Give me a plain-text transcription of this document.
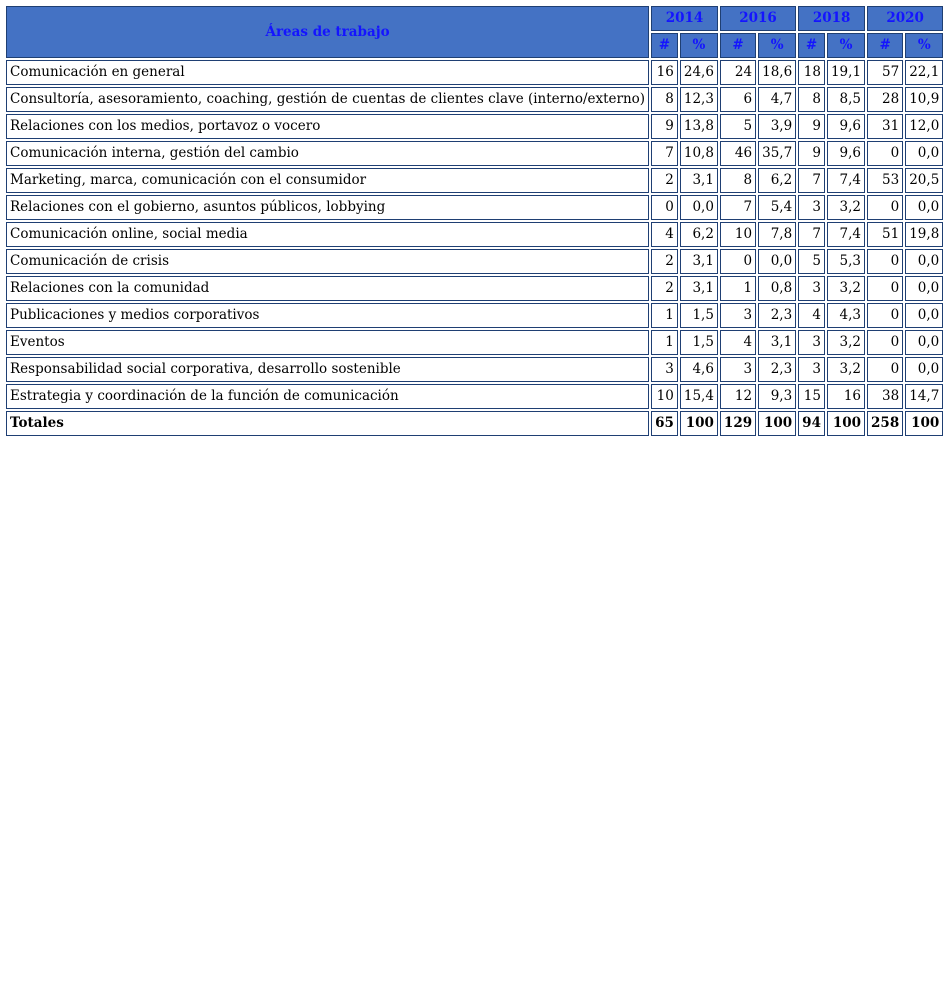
Áreas de trabajo	2014		2016		2018		2020	
	#	%	#	%	#	%	#	%
Comunicación en general	16	24,6	24	18,6	18	19,1	57	22,1
Consultoría, asesoramiento, coaching, gestión de cuentas de clientes clave (interno/externo)	8	12,3	6	4,7	8	8,5	28	10,9
Relaciones con los medios, portavoz o vocero	9	13,8	5	3,9	9	9,6	31	12,0
Comunicación interna, gestión del cambio	7	10,8	46	35,7	9	9,6	0	0,0
Marketing, marca, comunicación con el consumidor	2	3,1	8	6,2	7	7,4	53	20,5
Relaciones con el gobierno, asuntos públicos, lobbying	0	0,0	7	5,4	3	3,2	0	0,0
Comunicación online, social media	4	6,2	10	7,8	7	7,4	51	19,8
Comunicación de crisis	2	3,1	0	0,0	5	5,3	0	0,0
Relaciones con la comunidad	2	3,1	1	0,8	3	3,2	0	0,0
Publicaciones y medios corporativos	1	1,5	3	2,3	4	4,3	0	0,0
Eventos	1	1,5	4	3,1	3	3,2	0	0,0
Responsabilidad social corporativa, desarrollo sostenible	3	4,6	3	2,3	3	3,2	0	0,0
Estrategia y coordinación de la función de comunicación	10	15,4	12	9,3	15	16	38	14,7
Totales	65	100	129	100	94	100	258	100
